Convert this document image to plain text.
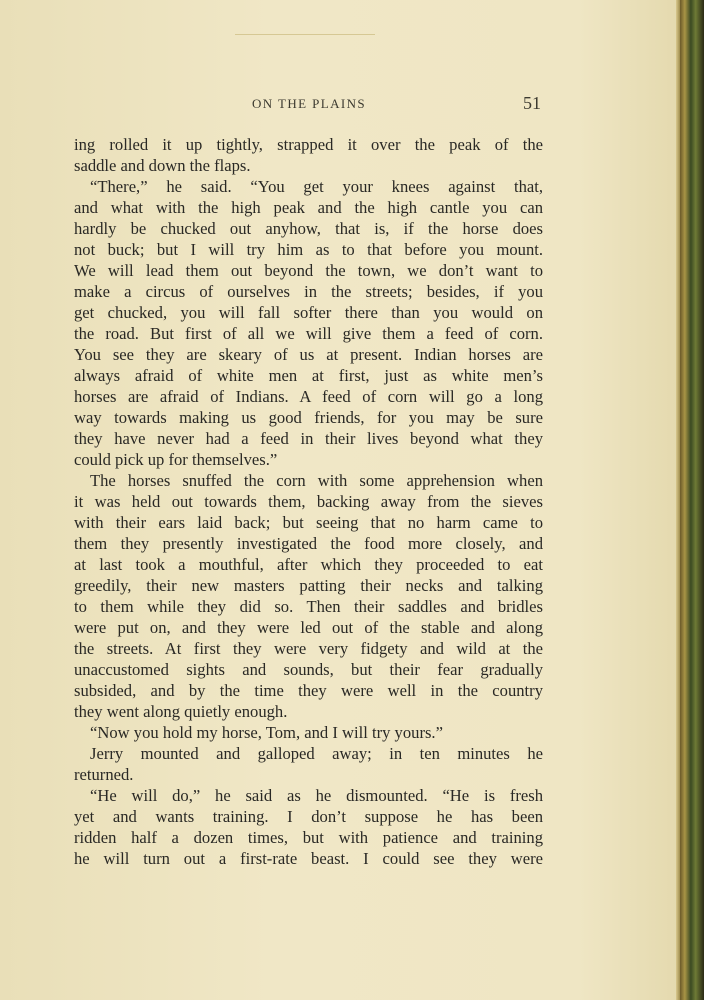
ON THE PLAINS	51
ing rolled it up tightly, strapped it over the peak of the
saddle and down the flaps.
“There,” he said. “You get your knees against that,
and what with the high peak and the high cantle you can
hardly be chucked out anyhow, that is, if the horse does
not buck; but I will try him as to that before you mount.
We will lead them out beyond the town, we don’t want to
make a circus of ourselves in the streets; besides, if you
get chucked, you will fall softer there than you would on
the road. But first of all we will give them a feed of corn.
You see they are skeary of us at present. Indian horses are
always afraid of white men at first, just as white men’s
horses are afraid of Indians. A feed of corn will go a long
way towards making us good friends, for you may be sure
they have never had a feed in their lives beyond what they
could pick up for themselves.”
The horses snuffed the corn with some apprehension when
it was held out towards them, backing away from the sieves
with their ears laid back; but seeing that no harm came to
them they presently investigated the food more closely, and
at last took a mouthful, after which they proceeded to eat
greedily, their new masters patting their necks and talking
to them while they did so. Then their saddles and bridles
were put on, and they were led out of the stable and along
the streets. At first they were very fidgety and wild at the
unaccustomed sights and sounds, but their fear gradually
subsided, and by the time they were well in the country
they went along quietly enough.
“Now you hold my horse, Tom, and I will try yours.”
Jerry mounted and galloped away; in ten minutes he
returned.
“He will do,” he said as he dismounted. “He is fresh
yet and wants training. I don’t suppose he has been
ridden half a dozen times, but with patience and training
he will turn out a first-rate beast. I could see they were
